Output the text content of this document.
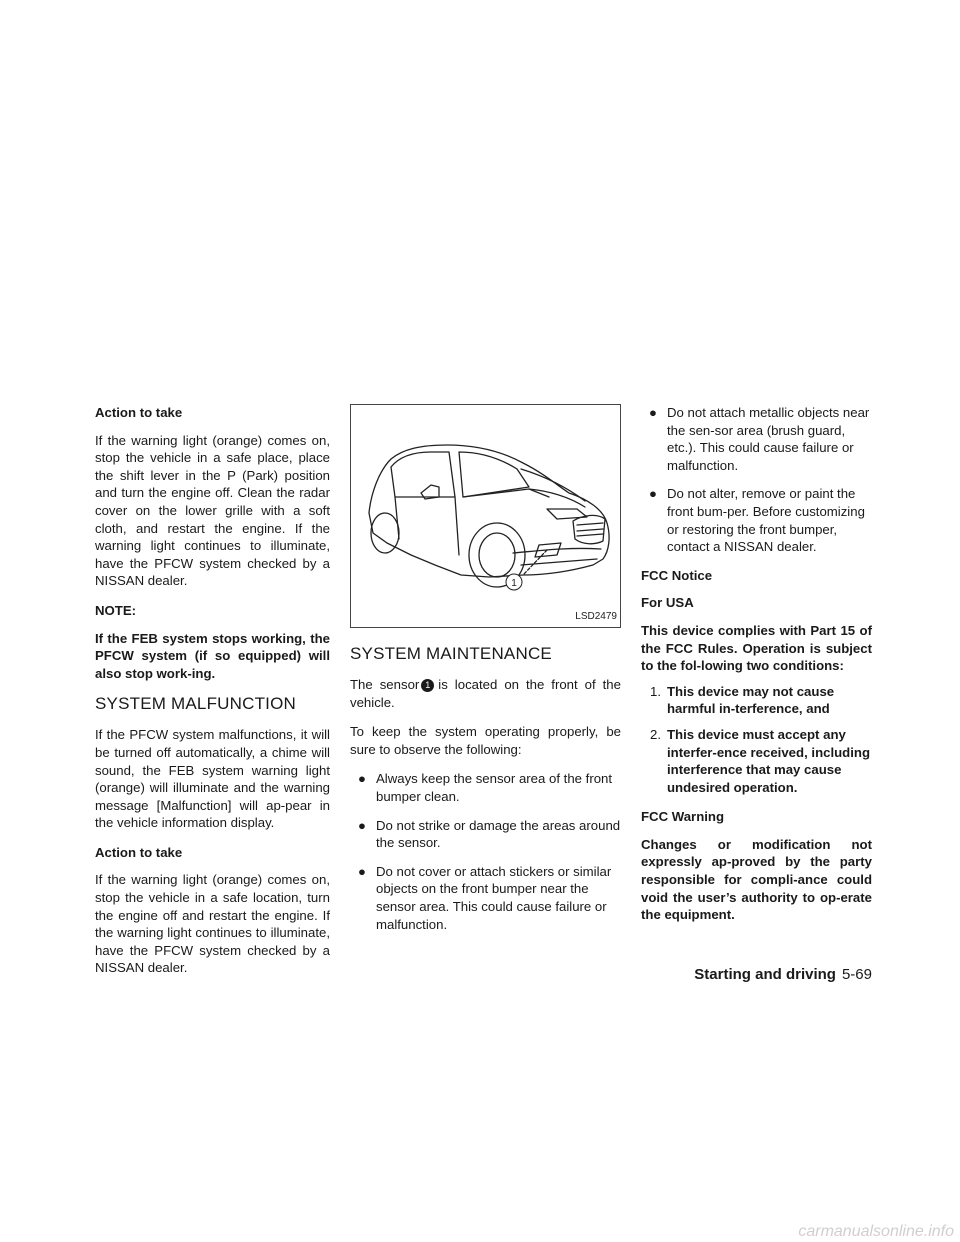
Action to take

If the warning light (orange) comes on, stop the vehicle in a safe place, place the shift lever in the P (Park) position and turn the engine off. Clean the radar cover on the lower grille with a soft cloth, and restart the engine. If the warning light continues to illuminate, have the PFCW system checked by a NISSAN dealer.

NOTE:

If the FEB system stops working, the PFCW system (if so equipped) will also stop work-ing.

SYSTEM MALFUNCTION

If the PFCW system malfunctions, it will be turned off automatically, a chime will sound, the FEB system warning light (orange) will illuminate and the warning message [Malfunction] will ap-pear in the vehicle information display.

Action to take

If the warning light (orange) comes on, stop the vehicle in a safe location, turn the engine off and restart the engine. If the warning light continues to illuminate, have the PFCW system checked by a NISSAN dealer.

1
LSD2479
SYSTEM MAINTENANCE

The sensor 1 is located on the front of the vehicle.

To keep the system operating properly, be sure to observe the following:

● Always keep the sensor area of the front bumper clean.
● Do not strike or damage the areas around the sensor.
● Do not cover or attach stickers or similar objects on the front bumper near the sensor area. This could cause failure or malfunction.
● Do not attach metallic objects near the sen-sor area (brush guard, etc.). This could cause failure or malfunction.
● Do not alter, remove or paint the front bum-per. Before customizing or restoring the front bumper, contact a NISSAN dealer.
FCC Notice
For USA

This device complies with Part 15 of the FCC Rules. Operation is subject to the fol-lowing two conditions:

1. This device may not cause harmful in-terference, and
2. This device must accept any interfer-ence received, including interference that may cause undesired operation.
FCC Warning

Changes or modification not expressly ap-proved by the party responsible for compli-ance could void the user’s authority to op-erate the equipment.

Starting and driving 5-69
carmanualsonline.info
